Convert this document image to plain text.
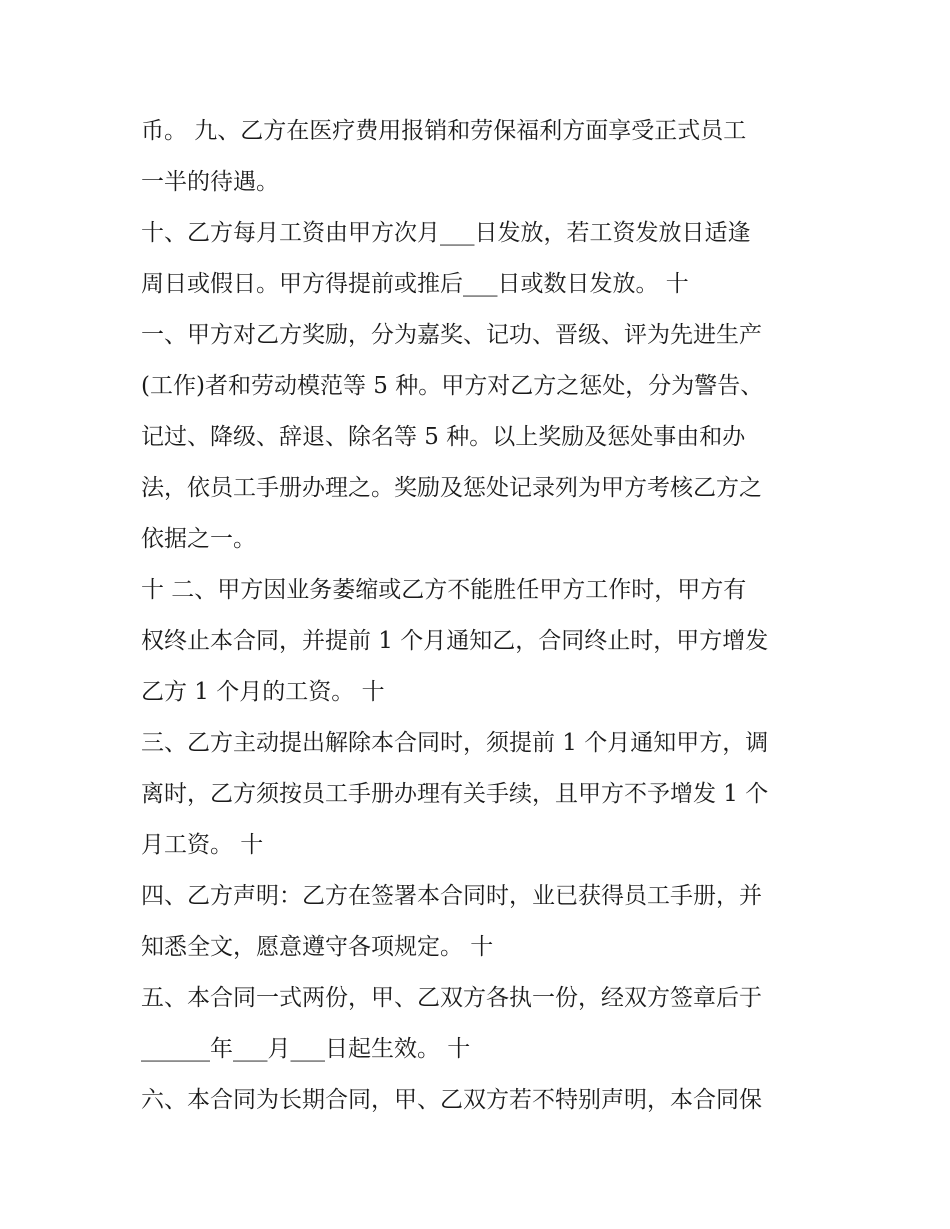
币。 九、乙方在医疗费用报销和劳保福利方面享受正式员工
一半的待遇。
十、乙方每月工资由甲方次月___日发放，若工资发放日适逢
周日或假日。甲方得提前或推后___日或数日发放。 十
一、甲方对乙方奖励，分为嘉奖、记功、晋级、评为先进生产
(工作)者和劳动模范等 5 种。甲方对乙方之惩处，分为警告、
记过、降级、辞退、除名等 5 种。以上奖励及惩处事由和办
法，依员工手册办理之。奖励及惩处记录列为甲方考核乙方之
依据之一。
十 二、甲方因业务萎缩或乙方不能胜任甲方工作时，甲方有
权终止本合同，并提前 1 个月通知乙，合同终止时，甲方增发
乙方 1 个月的工资。 十
三、乙方主动提出解除本合同时，须提前 1 个月通知甲方，调
离时，乙方须按员工手册办理有关手续，且甲方不予增发 1 个
月工资。 十
四、乙方声明：乙方在签署本合同时，业已获得员工手册，并
知悉全文，愿意遵守各项规定。 十
五、本合同一式两份，甲、乙双方各执一份，经双方签章后于
______年___月___日起生效。 十
六、本合同为长期合同，甲、乙双方若不特别声明，本合同保
